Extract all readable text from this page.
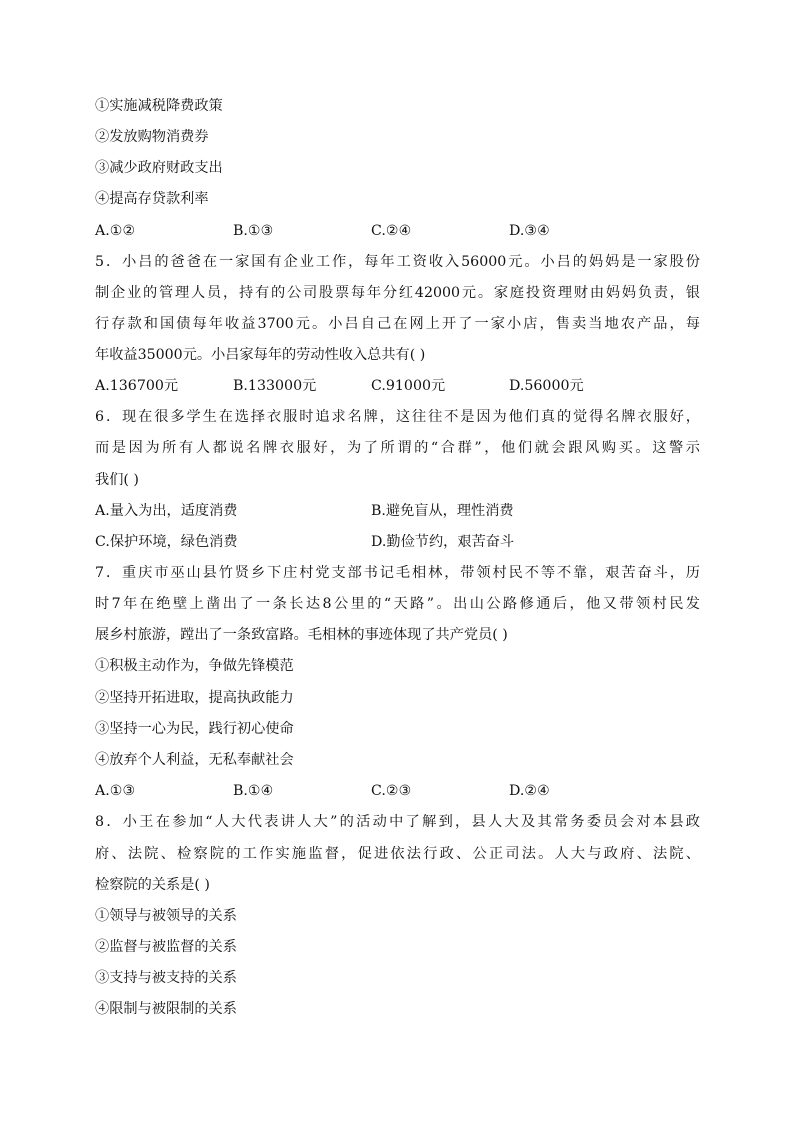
①实施减税降费政策
②发放购物消费券
③减少政府财政支出
④提高存贷款利率
A.①②	B.①③	C.②④	D.③④
5．小吕的爸爸在一家国有企业工作，每年工资收入56000元。小吕的妈妈是一家股份
制企业的管理人员，持有的公司股票每年分红42000元。家庭投资理财由妈妈负责，银
行存款和国债每年收益3700元。小吕自己在网上开了一家小店，售卖当地农产品，每
年收益35000元。小吕家每年的劳动性收入总共有( )
A.136700元	B.133000元	C.91000元	D.56000元
6．现在很多学生在选择衣服时追求名牌，这往往不是因为他们真的觉得名牌衣服好，
而是因为所有人都说名牌衣服好，为了所谓的“合群”，他们就会跟风购买。这警示
我们( )
A.量入为出，适度消费	B.避免盲从，理性消费
C.保护环境，绿色消费	D.勤俭节约，艰苦奋斗
7．重庆市巫山县竹贤乡下庄村党支部书记毛相林，带领村民不等不靠，艰苦奋斗，历
时7年在绝壁上凿出了一条长达8公里的“天路”。出山公路修通后，他又带领村民发
展乡村旅游，蹚出了一条致富路。毛相林的事迹体现了共产党员( )
①积极主动作为，争做先锋模范
②坚持开拓进取，提高执政能力
③坚持一心为民，践行初心使命
④放弃个人利益，无私奉献社会
A.①③	B.①④	C.②③	D.②④
8．小王在参加“人大代表讲人大”的活动中了解到，县人大及其常务委员会对本县政
府、法院、检察院的工作实施监督，促进依法行政、公正司法。人大与政府、法院、
检察院的关系是( )
①领导与被领导的关系
②监督与被监督的关系
③支持与被支持的关系
④限制与被限制的关系
